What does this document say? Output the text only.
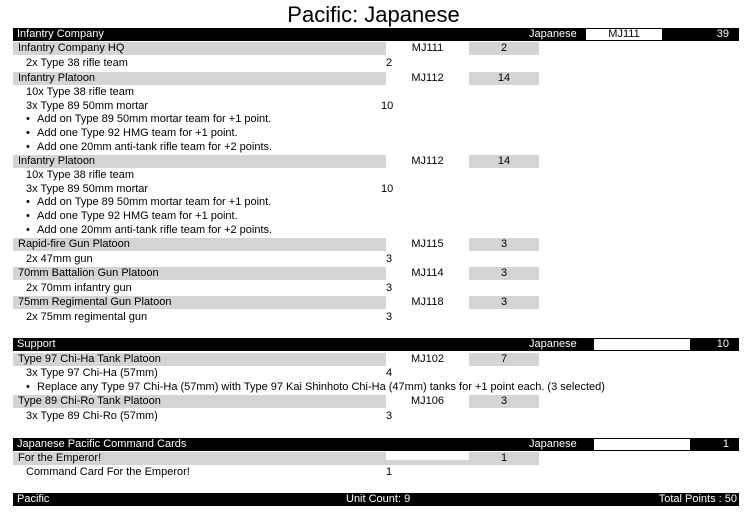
Pacific: Japanese
Infantry Company	Japanese	MJ111	39
Infantry Company HQ	MJ111	2
2x Type 38 rifle team	2
Infantry Platoon	MJ112	14
10x Type 38 rifle team
3x Type 89 50mm mortar	10
• Add on Type 89 50mm mortar team for +1 point.
• Add one Type 92 HMG team for +1 point.
• Add one 20mm anti-tank rifle team for +2 points.
Infantry Platoon	MJ112	14
10x Type 38 rifle team
3x Type 89 50mm mortar	10
• Add on Type 89 50mm mortar team for +1 point.
• Add one Type 92 HMG team for +1 point.
• Add one 20mm anti-tank rifle team for +2 points.
Rapid-fire Gun Platoon	MJ115	3
2x 47mm gun	3
70mm Battalion Gun Platoon	MJ114	3
2x 70mm infantry gun	3
75mm Regimental Gun Platoon	MJ118	3
2x 75mm regimental gun	3
Support	Japanese	10
Type 97 Chi-Ha Tank Platoon	MJ102	7
3x Type 97 Chi-Ha (57mm)	4
• Replace any Type 97 Chi-Ha (57mm) with Type 97 Kai Shinhoto Chi-Ha (47mm) tanks for +1 point each. (3 selected)
Type 89 Chi-Ro Tank Platoon	MJ106	3
3x Type 89 Chi-Ro (57mm)	3
Japanese Pacific Command Cards	Japanese	1
For the Emperor!	1
Command Card For the Emperor!	1
Pacific	Unit Count: 9	Total Points : 50
